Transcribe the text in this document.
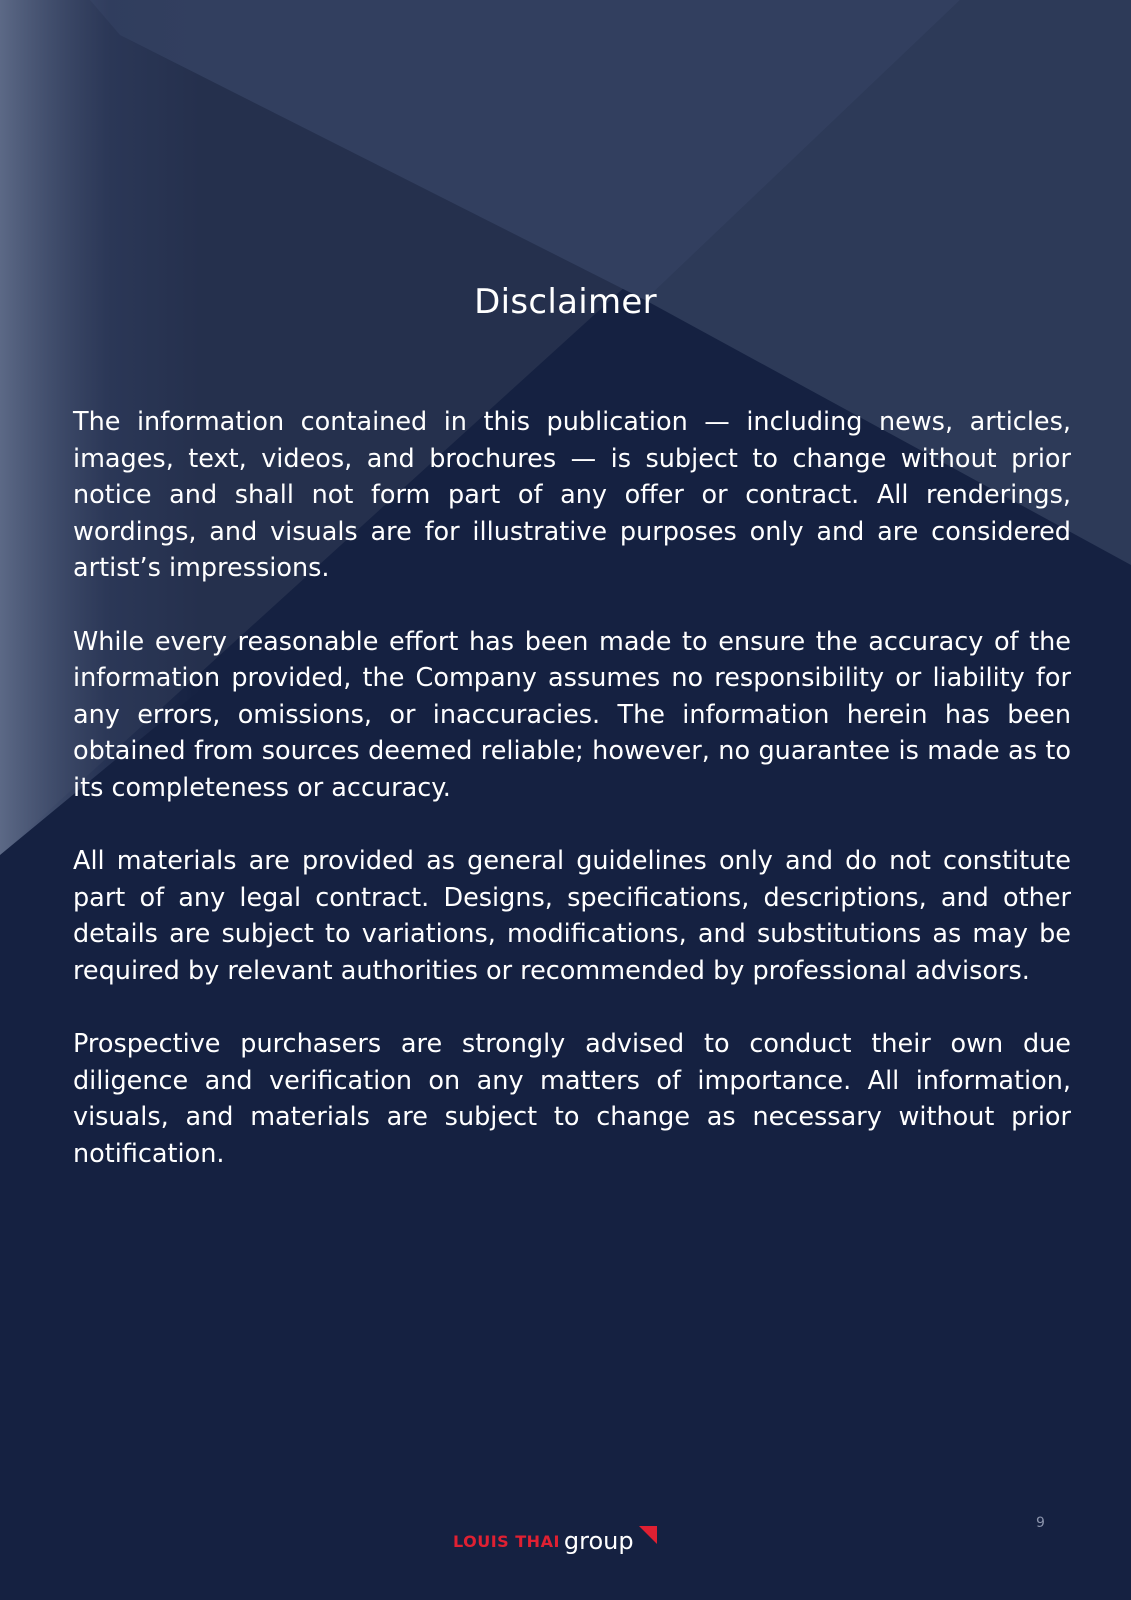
Disclaimer

The information contained in this publication — including news, articles, images, text, videos, and brochures — is subject to change without prior notice and shall not form part of any offer or contract. All renderings, wordings, and visuals are for illustrative purposes only and are considered artist’s impressions.

While every reasonable effort has been made to ensure the accuracy of the information provided, the Company assumes no responsibility or liability for any errors, omissions, or inaccuracies. The information herein has been obtained from sources deemed reliable; however, no guarantee is made as to its completeness or accuracy.

All materials are provided as general guidelines only and do not constitute part of any legal contract. Designs, specifications, descriptions, and other details are subject to variations, modifications, and substitutions as may be required by relevant authorities or recommended by professional advisors.

Prospective purchasers are strongly advised to conduct their own due diligence and verification on any matters of importance. All information, visuals, and materials are subject to change as necessary without prior notification.

LOUIS THAI group
9
